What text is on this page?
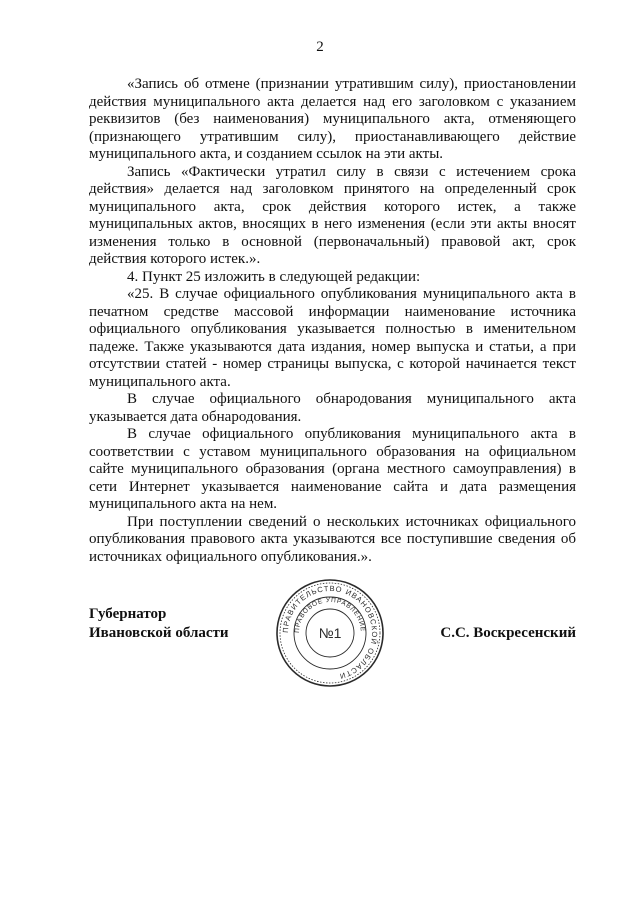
2

«Запись об отмене (признании утратившим силу), приостановлении действия муниципального акта делается над его заголовком с указанием реквизитов (без наименования) муниципального акта, отменяющего (признающего утратившим силу), приостанавливающего действие муниципального акта, и созданием ссылок на эти акты.

Запись «Фактически утратил силу в связи с истечением срока действия» делается над заголовком принятого на определенный срок муниципального акта, срок действия которого истек, а также муниципальных актов, вносящих в него изменения (если эти акты вносят изменения только в основной (первоначальный) правовой акт, срок действия которого истек.».

4. Пункт 25 изложить в следующей редакции:

«25. В случае официального опубликования муниципального акта в печатном средстве массовой информации наименование источника официального опубликования указывается полностью в именительном падеже. Также указываются дата издания, номер выпуска и статьи, а при отсутствии статей - номер страницы выпуска, с которой начинается текст муниципального акта.

В случае официального обнародования муниципального акта указывается дата обнародования.

В случае официального опубликования муниципального акта в соответствии с уставом муниципального образования на официальном сайте муниципального образования (органа местного самоуправления) в сети Интернет указывается наименование сайта и дата размещения муниципального акта на нем.

При поступлении сведений о нескольких источниках официального опубликования правового акта указываются все поступившие сведения об источниках официального опубликования.».

Губернатор
Ивановской области	ПРАВИТЕЛЬСТВО ИВАНОВСКОЙ ОБЛАСТИ
ПРАВОВОЕ УПРАВЛЕНИЕ
№1	С.С. Воскресенский
